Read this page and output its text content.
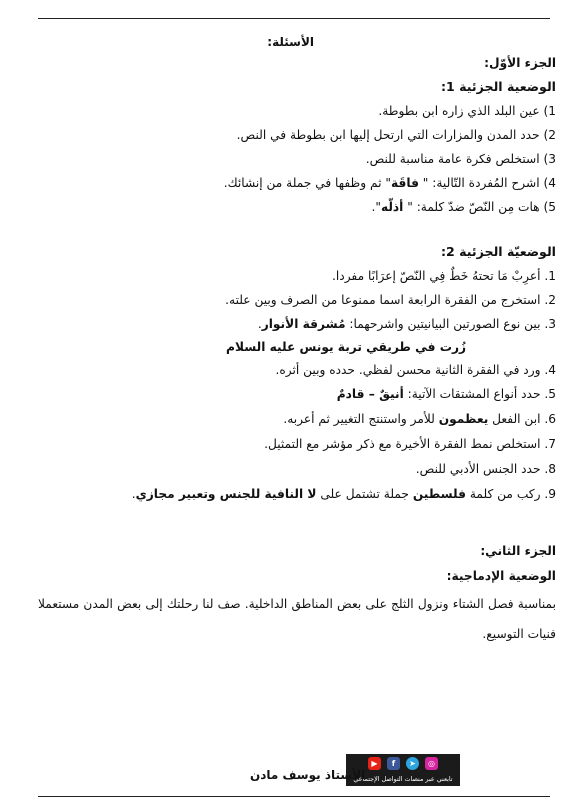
الأسئلة:
الجزء الأوّل:
الوضعية الجزئية 1:
1) عين البلد الذي زاره ابن بطوطة.
2) حدد المدن والمزارات التي ارتحل إليها ابن بطوطة في النص.
3) استخلص فكرة عامة مناسبة للنص.
4) اشرح المُفردة التّالية: " فاقَة" ثم وظفها في جملة من إنشائك.
5) هات مِن النّصّ ضدّ كلمة: " أذلّه".
الوضعيّة الجزئية 2:
1. أعرِبْ مَا تحتهُ خَطٌ فِي النّصّ إعرَابًا مفردا.
2. استخرج من الفقرة الرابعة اسما ممنوعا من الصرف وبين علته.
3. بين نوع الصورتين البيانيتين واشرحهما: مُشرقة الأنوار.
زُرت في طريقي تربة يونس عليه السلام
4. ورد في الفقرة الثانية محسن لفظي. حدده وبين أثره.
5. حدد أنواع المشتقات الآتية: أنيقٌ – قادمٌ
6. ابن الفعل يعظمون للأمر واستنتج التغيير ثم أعربه.
7. استخلص نمط الفقرة الأخيرة مع ذكر مؤشر مع التمثيل.
8. حدد الجنس الأدبي للنص.
9. ركب من كلمة فلسطين جملة تشتمل على لا النافية للجنس وتعبير مجازي.
الجزء الثاني:
الوضعية الإدماجية:
بمناسبة فصل الشتاء ونزول الثلج على بعض المناطق الداخلية. صف لنا رحلتك إلى بعض المدن مستعملا فنيات التوسيع.
▶	f	➤	◎
تابعني عبر منصات التواصل الإجتماعي
الأستاذ يوسف مادن
